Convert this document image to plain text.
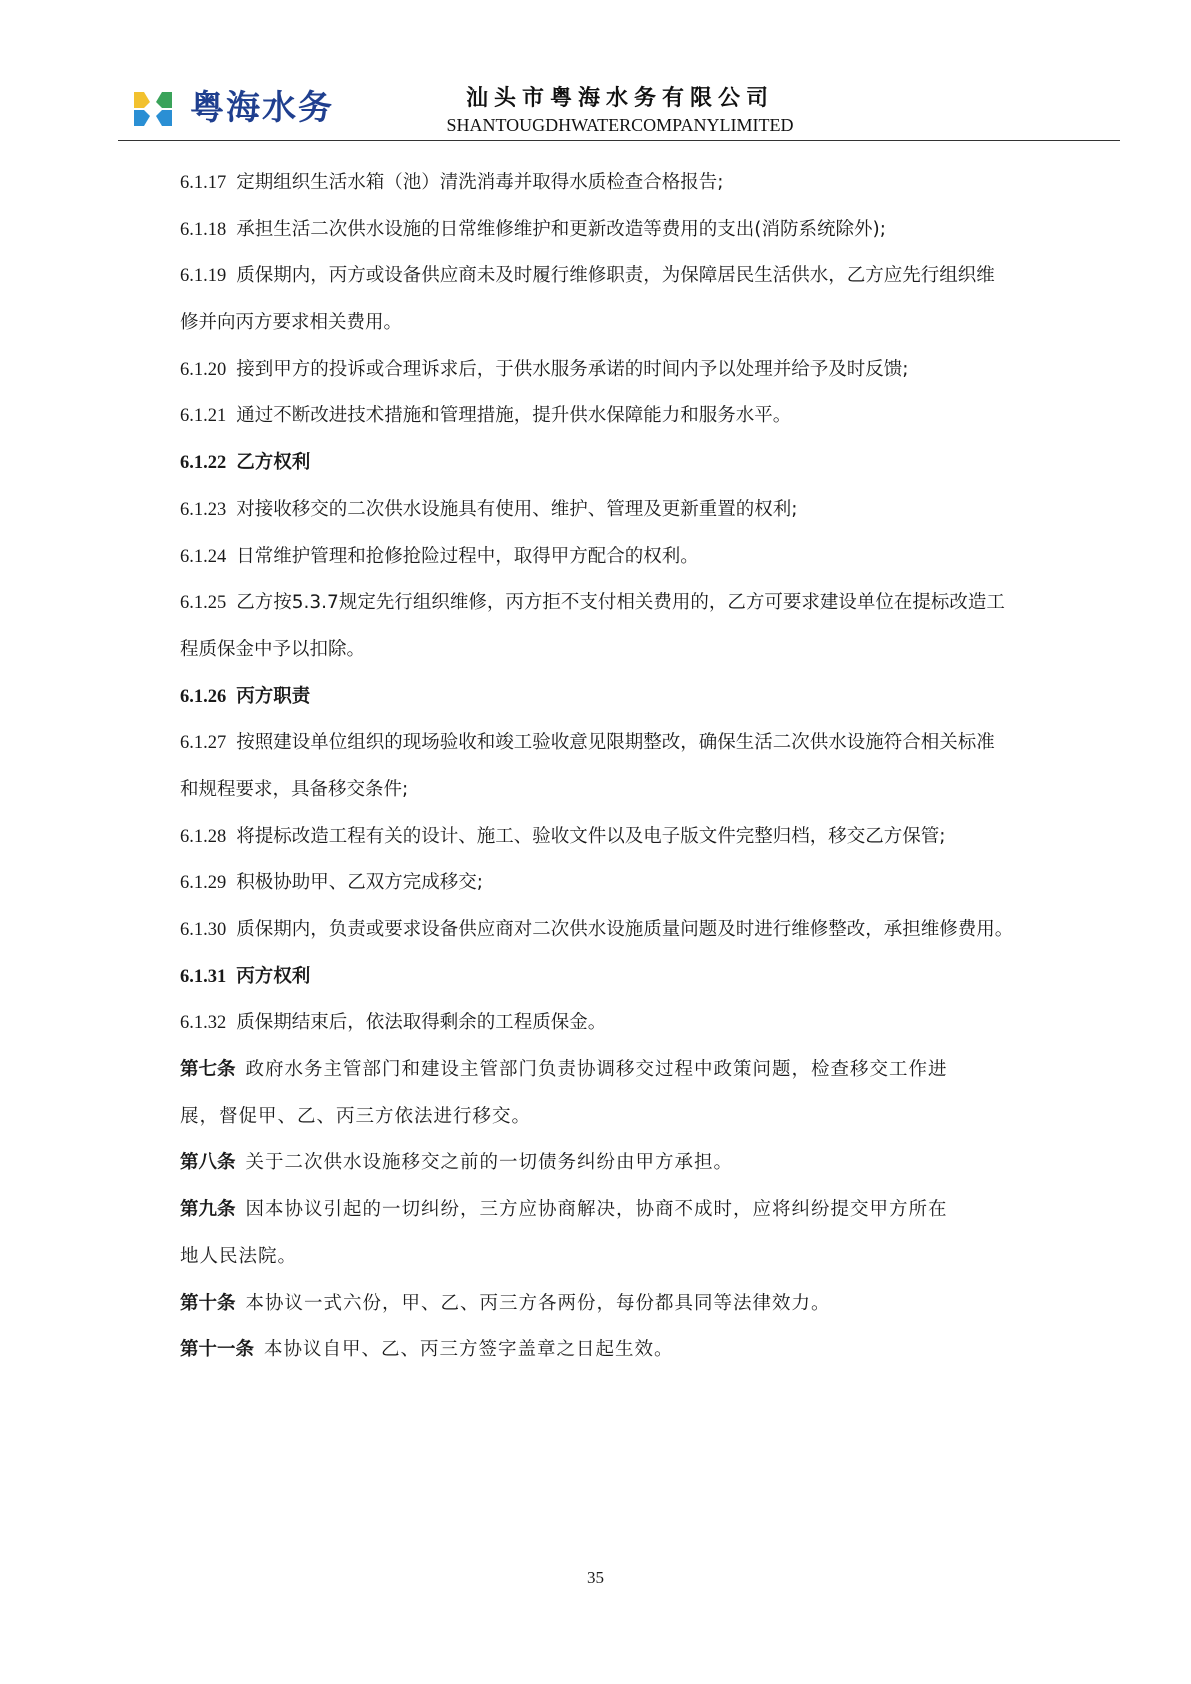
粤海水务	汕头市粤海水务有限公司
SHANTOUGDHWATERCOMPANYLIMITED
6.1.17 定期组织生活水箱（池）清洗消毒并取得水质检查合格报告;
6.1.18 承担生活二次供水设施的日常维修维护和更新改造等费用的支出(消防系统除外);
6.1.19 质保期内，丙方或设备供应商未及时履行维修职责，为保障居民生活供水，乙方应先行组织维
修并向丙方要求相关费用。
6.1.20 接到甲方的投诉或合理诉求后，于供水服务承诺的时间内予以处理并给予及时反馈;
6.1.21 通过不断改进技术措施和管理措施，提升供水保障能力和服务水平。
6.1.22 乙方权利
6.1.23 对接收移交的二次供水设施具有使用、维护、管理及更新重置的权利;
6.1.24 日常维护管理和抢修抢险过程中，取得甲方配合的权利。
6.1.25 乙方按5.3.7规定先行组织维修，丙方拒不支付相关费用的，乙方可要求建设单位在提标改造工
程质保金中予以扣除。
6.1.26 丙方职责
6.1.27 按照建设单位组织的现场验收和竣工验收意见限期整改，确保生活二次供水设施符合相关标准
和规程要求，具备移交条件;
6.1.28 将提标改造工程有关的设计、施工、验收文件以及电子版文件完整归档，移交乙方保管;
6.1.29 积极协助甲、乙双方完成移交;
6.1.30 质保期内，负责或要求设备供应商对二次供水设施质量问题及时进行维修整改，承担维修费用。
6.1.31 丙方权利
6.1.32 质保期结束后，依法取得剩余的工程质保金。
第七条 政府水务主管部门和建设主管部门负责协调移交过程中政策问题，检查移交工作进
展，督促甲、乙、丙三方依法进行移交。
第八条 关于二次供水设施移交之前的一切债务纠纷由甲方承担。
第九条 因本协议引起的一切纠纷，三方应协商解决，协商不成时，应将纠纷提交甲方所在
地人民法院。
第十条 本协议一式六份，甲、乙、丙三方各两份，每份都具同等法律效力。
第十一条 本协议自甲、乙、丙三方签字盖章之日起生效。
35
